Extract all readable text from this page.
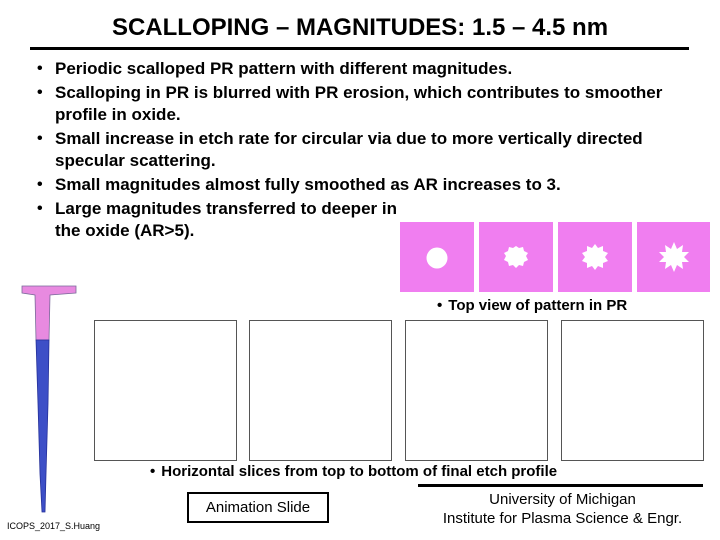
SCALLOPING – MAGNITUDES: 1.5 – 4.5 nm
• Periodic scalloped PR pattern with different magnitudes.
• Scalloping in PR is blurred with PR erosion, which contributes to smoother profile in oxide.
• Small increase in etch rate for circular via due to more vertically directed specular scattering.
• Small magnitudes almost fully smoothed as AR increases to 3.
• Large magnitudes transferred to deeper in the oxide (AR>5).
• Top view of pattern in PR
• Horizontal slices from top to bottom of final etch profile
Animation Slide	University of Michigan
Institute for Plasma Science & Engr.
ICOPS_2017_S.Huang
